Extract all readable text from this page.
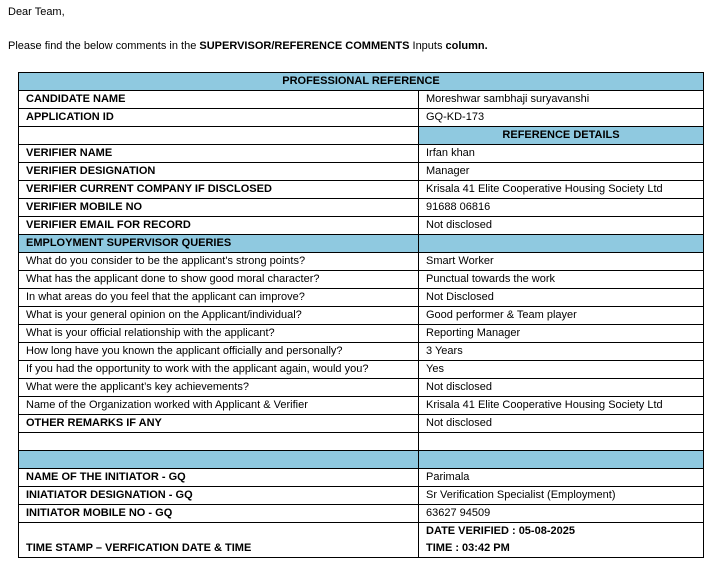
Dear Team,

Please find the below comments in the SUPERVISOR/REFERENCE COMMENTS Inputs column.

PROFESSIONAL REFERENCE	
CANDIDATE NAME	Moreshwar sambhaji suryavanshi
APPLICATION ID	GQ-KD-173
	REFERENCE DETAILS
VERIFIER NAME	Irfan khan
VERIFIER DESIGNATION	Manager
VERIFIER CURRENT COMPANY IF DISCLOSED	Krisala 41 Elite Cooperative Housing Society Ltd
VERIFIER MOBILE NO	91688 06816
VERIFIER EMAIL FOR RECORD	Not disclosed
EMPLOYMENT SUPERVISOR QUERIES	
What do you consider to be the applicant's strong points?	Smart Worker
What has the applicant done to show good moral character?	Punctual towards the work
In what areas do you feel that the applicant can improve?	Not Disclosed
What is your general opinion on the Applicant/individual?	Good performer & Team player
What is your official relationship with the applicant?	Reporting Manager
How long have you known the applicant officially and personally?	3 Years
If you had the opportunity to work with the applicant again, would you?	Yes
What were the applicant’s key achievements?	Not disclosed
Name of the Organization worked with Applicant & Verifier	Krisala 41 Elite Cooperative Housing Society Ltd
OTHER REMARKS IF ANY	Not disclosed

NAME OF THE INITIATOR - GQ	Parimala
INIATIATOR DESIGNATION - GQ	Sr Verification Specialist (Employment)
INITIATOR MOBILE NO - GQ	63627 94509
TIME STAMP – VERFICATION DATE & TIME	DATE VERIFIED : 05-08-2025
TIME : 03:42 PM
